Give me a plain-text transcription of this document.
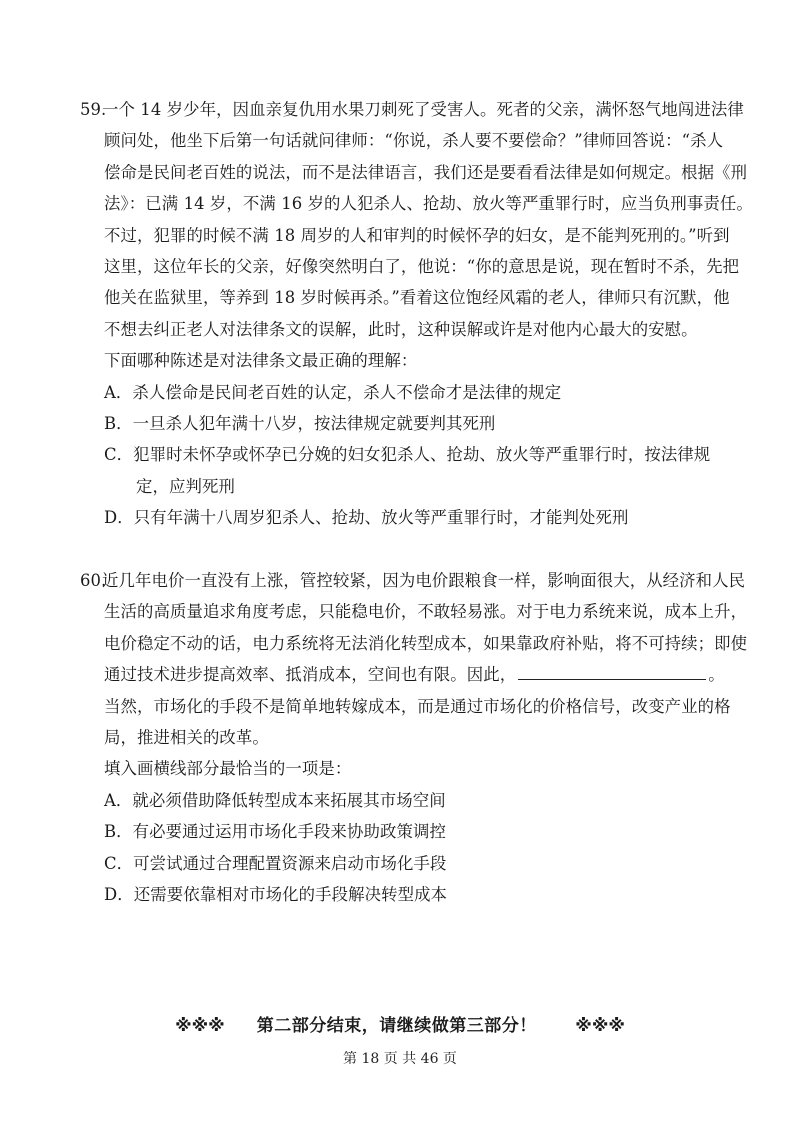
59.一个 14 岁少年，因血亲复仇用水果刀刺死了受害人。死者的父亲，满怀怒气地闯进法律
顾问处，他坐下后第一句话就问律师：“你说，杀人要不要偿命？”律师回答说：“杀人
偿命是民间老百姓的说法，而不是法律语言，我们还是要看看法律是如何规定。根据《刑
法》：已满 14 岁，不满 16 岁的人犯杀人、抢劫、放火等严重罪行时，应当负刑事责任。
不过，犯罪的时候不满 18 周岁的人和审判的时候怀孕的妇女，是不能判死刑的。”听到
这里，这位年长的父亲，好像突然明白了，他说：“你的意思是说，现在暂时不杀，先把
他关在监狱里，等养到 18 岁时候再杀。”看着这位饱经风霜的老人，律师只有沉默，他
不想去纠正老人对法律条文的误解，此时，这种误解或许是对他内心最大的安慰。
下面哪种陈述是对法律条文最正确的理解：
A．杀人偿命是民间老百姓的认定，杀人不偿命才是法律的规定
B．一旦杀人犯年满十八岁，按法律规定就要判其死刑
C．犯罪时未怀孕或怀孕已分娩的妇女犯杀人、抢劫、放火等严重罪行时，按法律规
定，应判死刑
D．只有年满十八周岁犯杀人、抢劫、放火等严重罪行时，才能判处死刑
60.近几年电价一直没有上涨，管控较紧，因为电价跟粮食一样，影响面很大，从经济和人民
生活的高质量追求角度考虑，只能稳电价，不敢轻易涨。对于电力系统来说，成本上升，
电价稳定不动的话，电力系统将无法消化转型成本，如果靠政府补贴，将不可持续；即使
通过技术进步提高效率、抵消成本，空间也有限。因此，	。
当然，市场化的手段不是简单地转嫁成本，而是通过市场化的价格信号，改变产业的格
局，推进相关的改革。
填入画横线部分最恰当的一项是：
A．就必须借助降低转型成本来拓展其市场空间
B．有必要通过运用市场化手段来协助政策调控
C．可尝试通过合理配置资源来启动市场化手段
D．还需要依靠相对市场化的手段解决转型成本
※※※ 第二部分结束，请继续做第三部分！ ※※※
第 18 页 共 46 页
